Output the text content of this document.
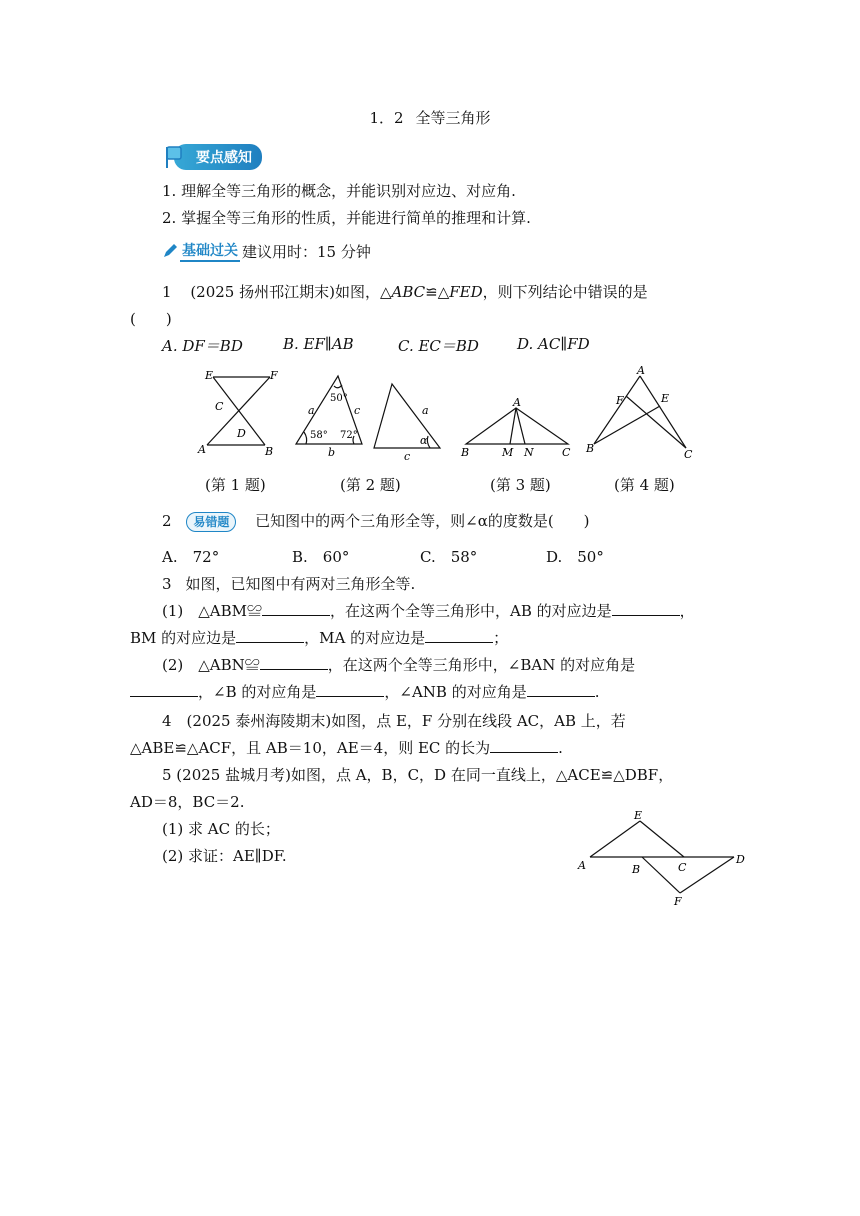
1．2 全等三角形
要点感知
1. 理解全等三角形的概念，并能识别对应边、对应角.
2. 掌握全等三角形的性质，并能进行简单的推理和计算.
基础过关 建议用时：15 分钟
1 (2025 扬州邗江期末)如图，△ABC≌△FED，则下列结论中错误的是
(　　)
A. DF＝BD	B. EF∥AB	C. EC＝BD	D. AC∥FD
E	F
C
D
A	B
50°
a	c
58° 72°
b
a
α
c
A
B	M N	C
A
F	E
B	C
(第 1 题)	(第 2 题)	(第 3 题)	(第 4 题)
2 易错题 已知图中的两个三角形全等，则∠α的度数是(　　)
A.　72°	B.　60°	C.　58°	D.　50°
3 如图，已知图中有两对三角形全等.
(1)　△ABM≌	，在这两个全等三角形中，AB 的对应边是	，
BM 的对应边是	，MA 的对应边是	；
(2)　△ABN≌	，在这两个全等三角形中，∠BAN 的对应角是
，∠B 的对应角是	，∠ANB 的对应角是	.
4　(2025 泰州海陵期末)如图，点 E，F 分别在线段 AC，AB 上，若
△ABE≌△ACF，且 AB＝10，AE＝4，则 EC 的长为	.
5 (2025 盐城月考)如图，点 A，B，C，D 在同一直线上，△ACE≌△DBF，
AD＝8，BC＝2.
(1) 求 AC 的长；
(2) 求证：AE∥DF.
E
A	B	C
D
F
